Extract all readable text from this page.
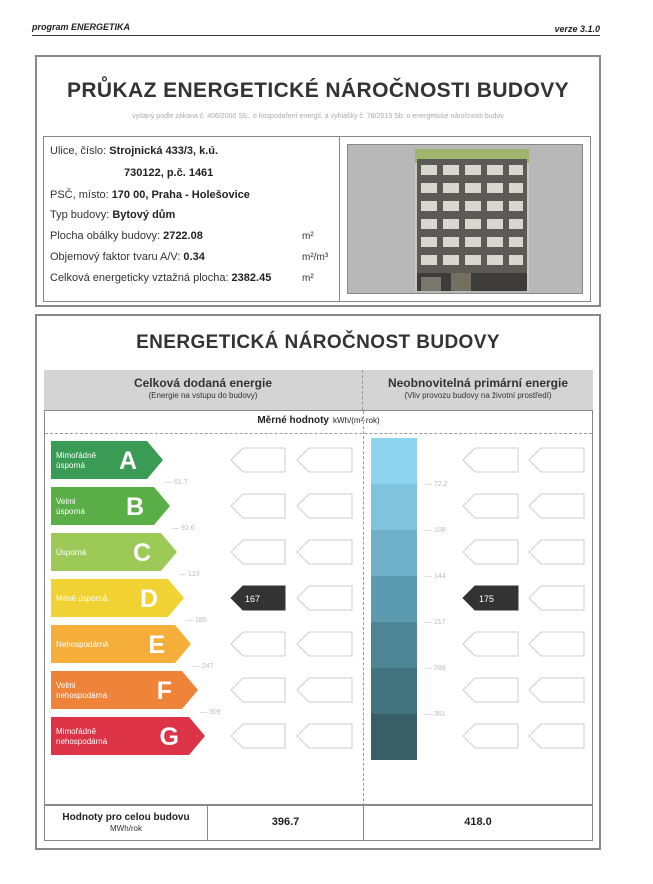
program ENERGETIKA	verze 3.1.0
PRŮKAZ ENERGETICKÉ NÁROČNOSTI BUDOVY
vydaný podle zákona č. 406/2000 Sb., o hospodaření energií, a vyhlášky č. 78/2013 Sb. o energetické náročnosti budov
Ulice, číslo: Strojnická 433/3, k.ú.
730122, p.č. 1461
PSČ, místo: 170 00, Praha - Holešovice
Typ budovy: Bytový dům
Plocha obálky budovy: 2722.08	m²
Objemový faktor tvaru A/V: 0.34	m²/m³
Celková energeticky vztažná plocha: 2382.45	m²
ENERGETICKÁ NÁROČNOST BUDOVY
Celková dodaná energie
(Energie na vstupu do budovy)
Neobnovitelná primární energie
(Vliv provozu budovy na životní prostředí)
Měrné hodnoty kWh/(m²·rok)
Mimořádně
úsporná A
Velmi
úsporná B
Úsporná C
Méně úsporná D
Nehospodárná E
Velmi
nehospodárná F
Mimořádně
nehospodárná G
— 61.7
— 92.6
— 123
— 185
— 247
— 309
167	175
— 72.2
— 108
— 144
— 217
— 289
— 361
Hodnoty pro celou budovu
MWh/rok
396.7	418.0
